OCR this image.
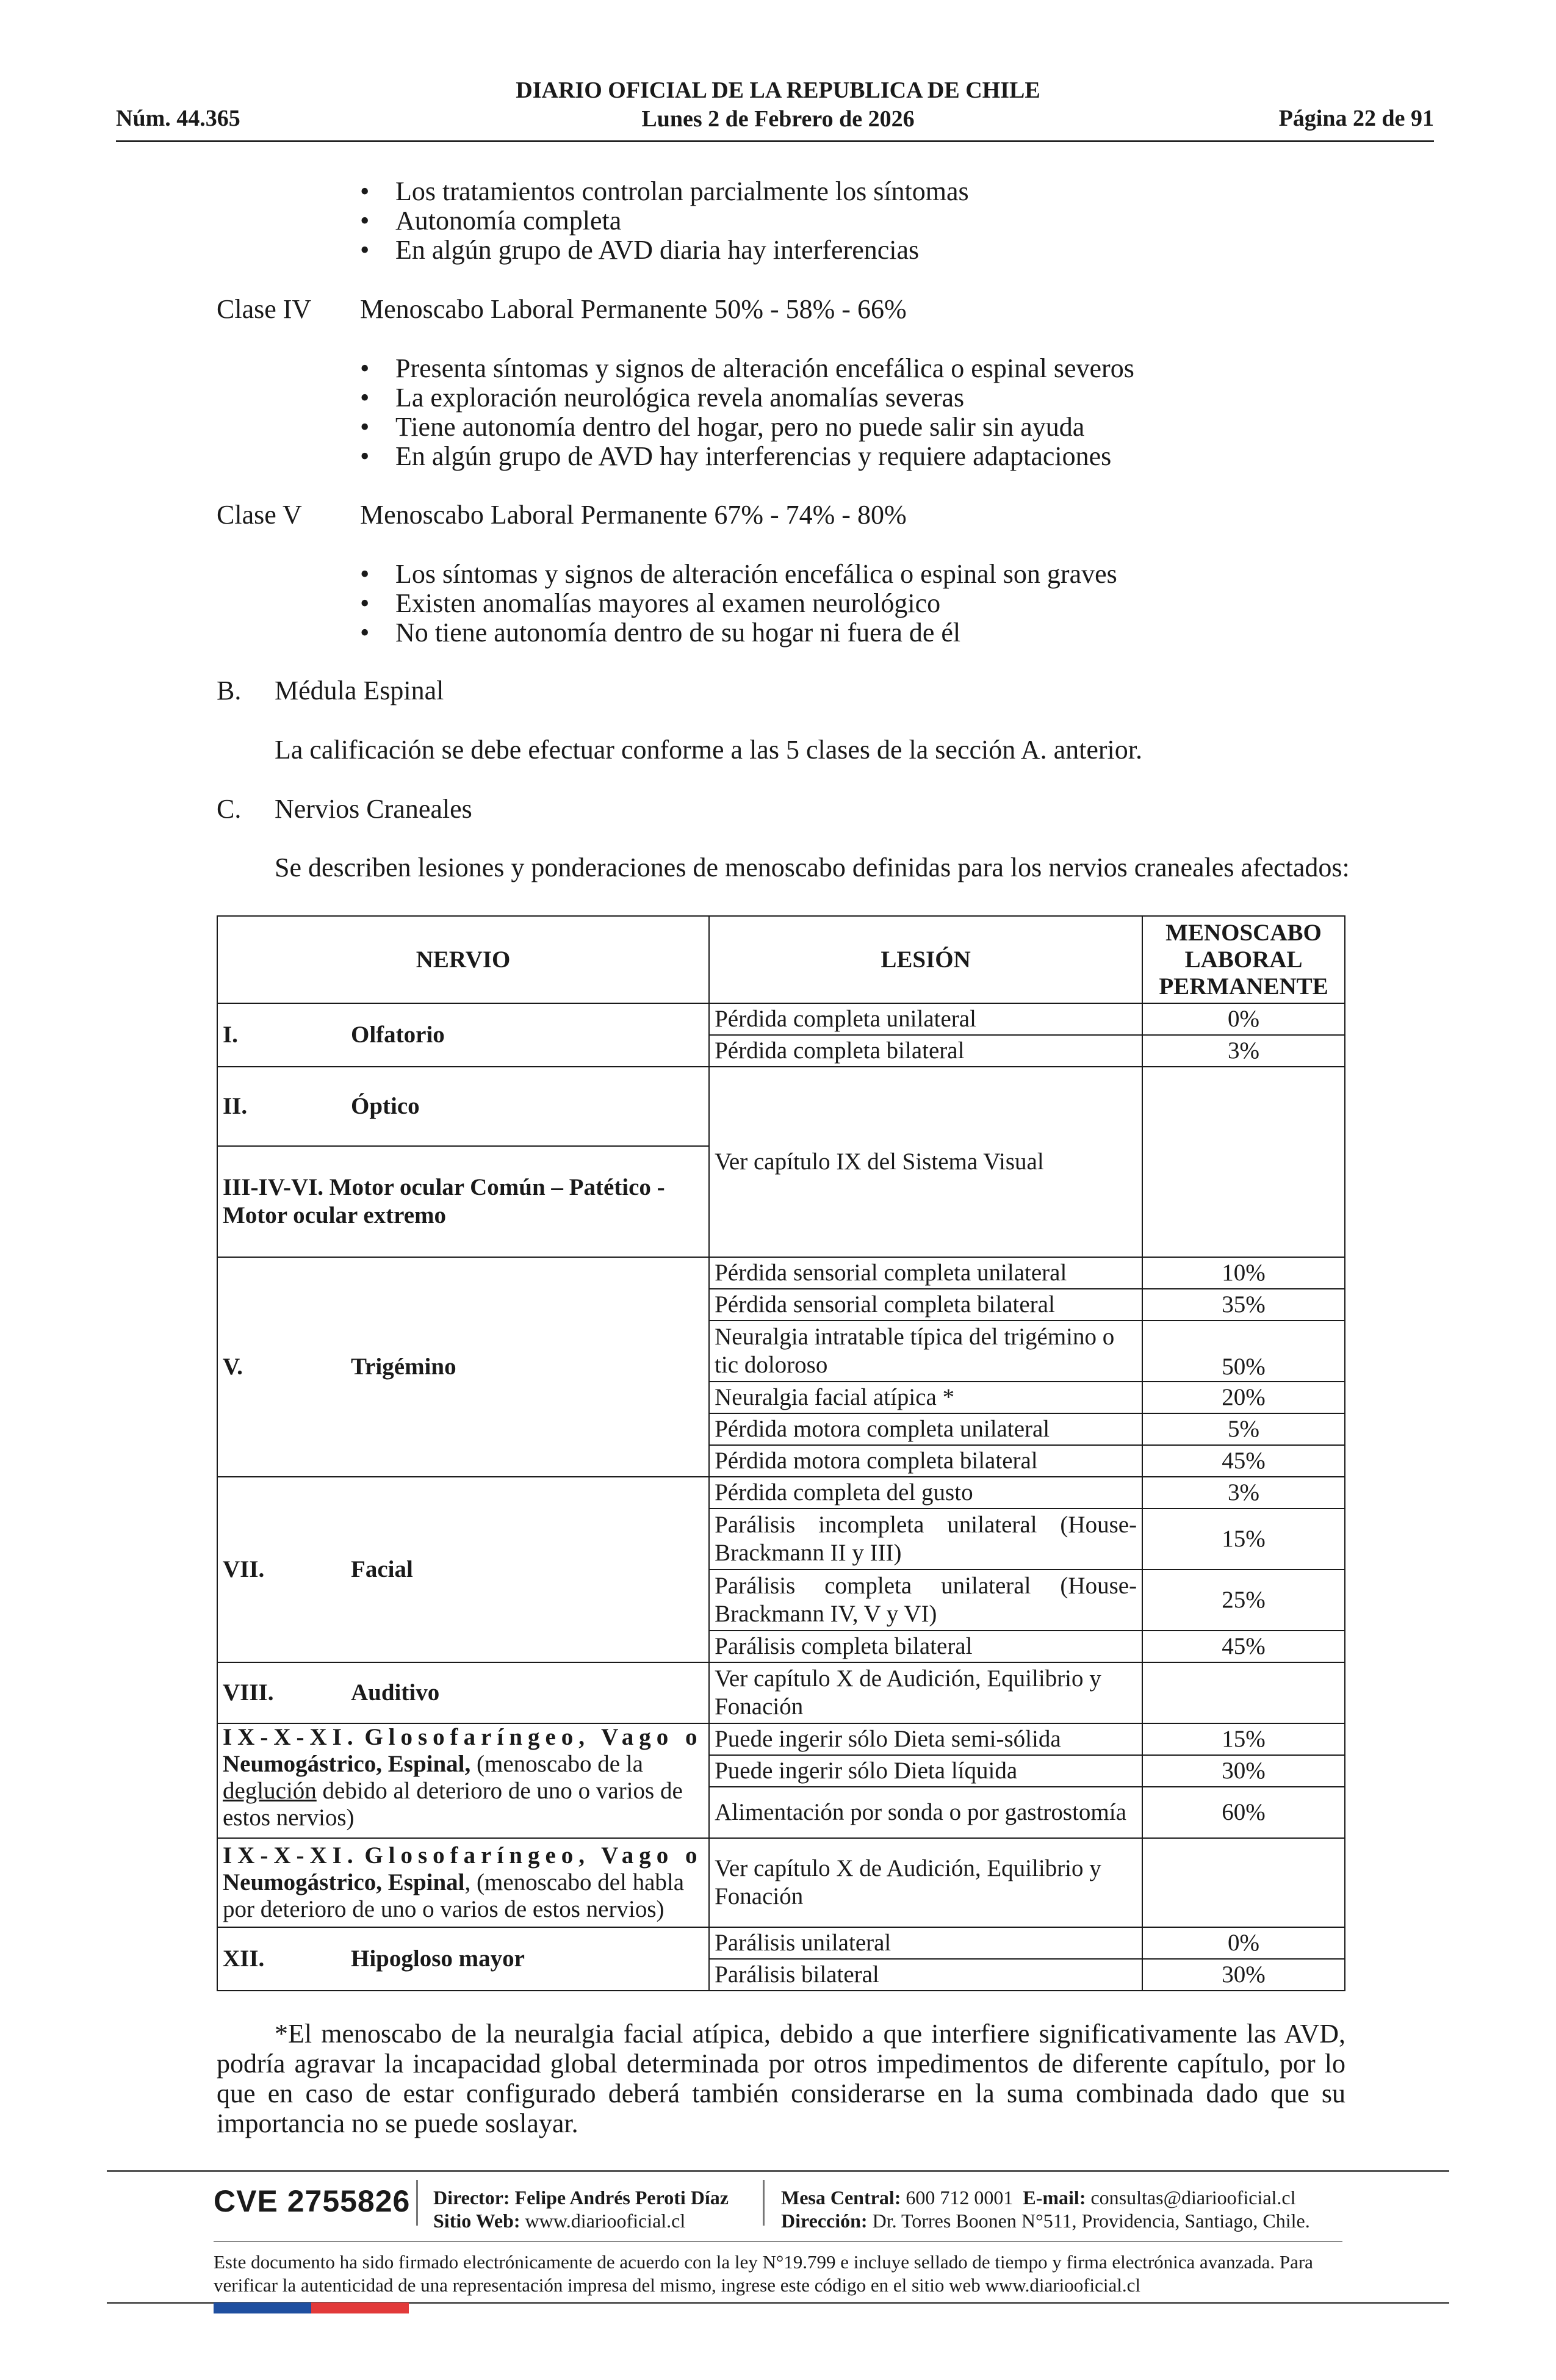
Núm. 44.365
DIARIO OFICIAL DE LA REPUBLICA DE CHILE
Lunes 2 de Febrero de 2026	Página 22 de 91
• Los tratamientos controlan parcialmente los síntomas
• Autonomía completa
• En algún grupo de AVD diaria hay interferencias
Clase IV Menoscabo Laboral Permanente 50% - 58% - 66%
• Presenta síntomas y signos de alteración encefálica o espinal severos
• La exploración neurológica revela anomalías severas
• Tiene autonomía dentro del hogar, pero no puede salir sin ayuda
• En algún grupo de AVD hay interferencias y requiere adaptaciones
Clase V Menoscabo Laboral Permanente 67% - 74% - 80%
• Los síntomas y signos de alteración encefálica o espinal son graves
• Existen anomalías mayores al examen neurológico
• No tiene autonomía dentro de su hogar ni fuera de él
B. Médula Espinal
La calificación se debe efectuar conforme a las 5 clases de la sección A. anterior.
C. Nervios Craneales
Se describen lesiones y ponderaciones de menoscabo definidas para los nervios craneales afectados:
NERVIO	LESIÓN	MENOSCABO LABORAL PERMANENTE
I. Olfatorio	Pérdida completa unilateral	0%
	Pérdida completa bilateral	3%
II. Óptico	Ver capítulo IX del Sistema Visual	
III-IV-VI. Motor ocular Común – Patético - Motor ocular extremo		
V. Trigémino	Pérdida sensorial completa unilateral	10%
	Pérdida sensorial completa bilateral	35%
	Neuralgia intratable típica del trigémino o tic doloroso	50%
	Neuralgia facial atípica *	20%
	Pérdida motora completa unilateral	5%
	Pérdida motora completa bilateral	45%
VII. Facial	Pérdida completa del gusto	3%
	Parálisis incompleta unilateral (House-Brackmann II y III)	15%
	Parálisis completa unilateral (House-Brackmann IV, V y VI)	25%
	Parálisis completa bilateral	45%
VIII. Auditivo	Ver capítulo X de Audición, Equilibrio y Fonación	
IX-X-XI. Glosofaríngeo, Vago o
Neumogástrico, Espinal, (menoscabo de la deglución debido al deterioro de uno o varios de estos nervios)	Puede ingerir sólo Dieta semi-sólida	15%
	Puede ingerir sólo Dieta líquida	30%
	Alimentación por sonda o por gastrostomía	60%
IX-X-XI. Glosofaríngeo, Vago o
Neumogástrico, Espinal, (menoscabo del habla por deterioro de uno o varios de estos nervios)	Ver capítulo X de Audición, Equilibrio y Fonación	
XII. Hipogloso mayor	Parálisis unilateral	0%
	Parálisis bilateral	30%
*El menoscabo de la neuralgia facial atípica, debido a que interfiere significativamente las AVD, podría agravar la incapacidad global determinada por otros impedimentos de diferente capítulo, por lo que en caso de estar configurado deberá también considerarse en la suma combinada dado que su importancia no se puede soslayar.
CVE 2755826 Director: Felipe Andrés Peroti Díaz
Sitio Web: www.diariooficial.cl
Mesa Central: 600 712 0001 E-mail: consultas@diariooficial.cl
Dirección: Dr. Torres Boonen N°511, Providencia, Santiago, Chile.
Este documento ha sido firmado electrónicamente de acuerdo con la ley N°19.799 e incluye sellado de tiempo y firma electrónica avanzada. Para verificar la autenticidad de una representación impresa del mismo, ingrese este código en el sitio web www.diariooficial.cl
